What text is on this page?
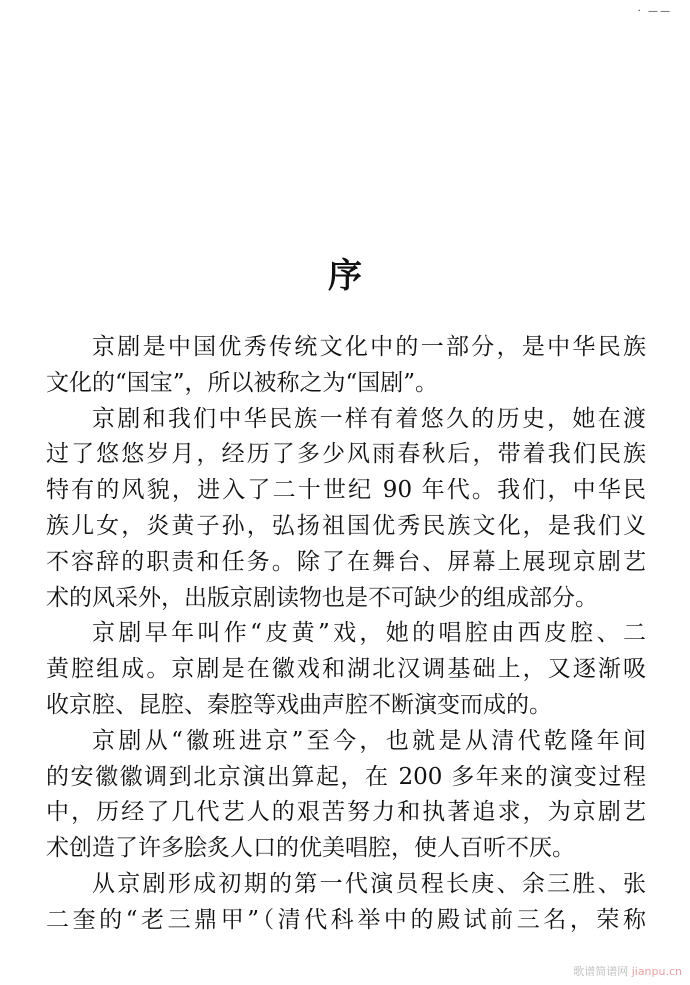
· ——
序
京剧是中国优秀传统文化中的一部分，是中华民族
文化的“国宝”，所以被称之为“国剧”。
京剧和我们中华民族一样有着悠久的历史，她在渡
过了悠悠岁月，经历了多少风雨春秋后，带着我们民族
特有的风貌，进入了二十世纪 90 年代。我们，中华民
族儿女，炎黄子孙，弘扬祖国优秀民族文化，是我们义
不容辞的职责和任务。除了在舞台、屏幕上展现京剧艺
术的风采外，出版京剧读物也是不可缺少的组成部分。
京剧早年叫作“皮黄”戏，她的唱腔由西皮腔、二
黄腔组成。京剧是在徽戏和湖北汉调基础上，又逐渐吸
收京腔、昆腔、秦腔等戏曲声腔不断演变而成的。
京剧从“徽班进京”至今，也就是从清代乾隆年间
的安徽徽调到北京演出算起，在 200 多年来的演变过程
中，历经了几代艺人的艰苦努力和执著追求，为京剧艺
术创造了许多脍炙人口的优美唱腔，使人百听不厌。
从京剧形成初期的第一代演员程长庚、余三胜、张
二奎的“老三鼎甲”（清代科举中的殿试前三名，荣称
歌谱简谱网 jianpu.cn
